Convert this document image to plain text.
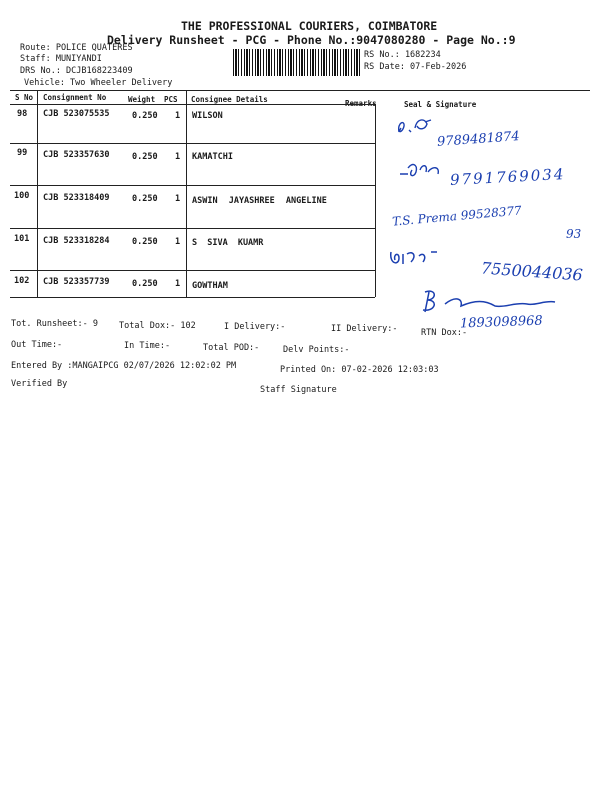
THE PROFESSIONAL COURIERS, COIMBATORE
Delivery Runsheet - PCG - Phone No.:9047080280 - Page No.:9
Route: POLICE QUATERES
Staff: MUNIYANDI
DRS No.: DCJB168223409
Vehicle: Two Wheeler Delivery
RS No.: 1682234
RS Date: 07-Feb-2026
S No Consignment No	Weight PCS Consignee Details
Seal & Signature
98 CJB 523075535	0.250 1 WILSON
99 CJB 523357630	0.250 1 KAMATCHI
100 CJB 523318409	0.250 1 ASWIN JAYASHREE ANGELINE
101 CJB 523318284	0.250 1 S SIVA KUAMR
102 CJB 523357739	0.250 1 GOWTHAM
9789481874
9791769034
T.S. Prema 99528377
93
7550044036
1893098968
Tot. Runsheet:- 9 Total Dox:- 102	I Delivery:-	II Delivery:-	RTN Dox:-
Out Time:-	In Time:-	Total POD:-	Delv Points:-
Entered By :MANGAIPCG 02/07/2026 12:02:02 PM	Printed On: 07-02-2026 12:03:03
Verified By
Staff Signature
